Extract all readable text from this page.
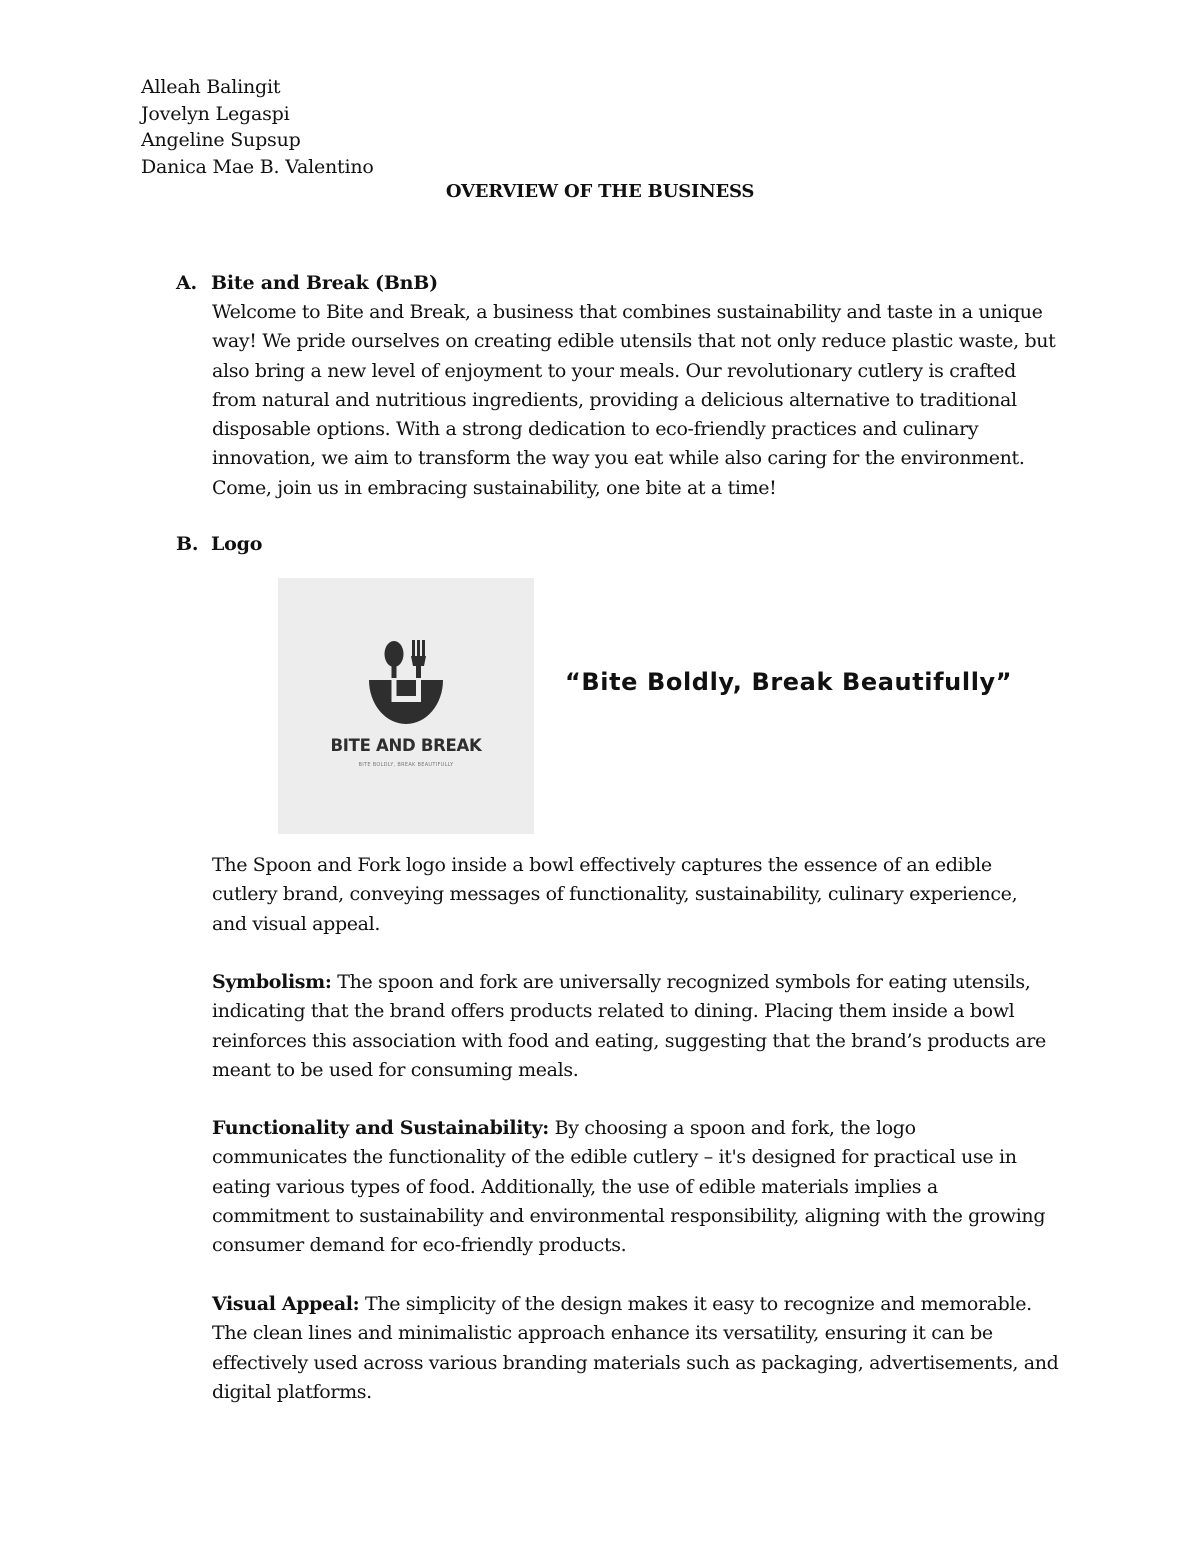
Alleah Balingit
Jovelyn Legaspi
Angeline Supsup
Danica Mae B. Valentino
OVERVIEW OF THE BUSINESS
A. Bite and Break (BnB)
Welcome to Bite and Break, a business that combines sustainability and taste in a unique
way! We pride ourselves on creating edible utensils that not only reduce plastic waste, but
also bring a new level of enjoyment to your meals. Our revolutionary cutlery is crafted
from natural and nutritious ingredients, providing a delicious alternative to traditional
disposable options. With a strong dedication to eco-friendly practices and culinary
innovation, we aim to transform the way you eat while also caring for the environment.
Come, join us in embracing sustainability, one bite at a time!
B. Logo
BITE BOLDLY, BREAK BEAUTIFULLY
BITE AND BREAK
“Bite Boldly, Break Beautifully”
The Spoon and Fork logo inside a bowl effectively captures the essence of an edible
cutlery brand, conveying messages of functionality, sustainability, culinary experience,
and visual appeal.
Symbolism: The spoon and fork are universally recognized symbols for eating utensils,
indicating that the brand offers products related to dining. Placing them inside a bowl
reinforces this association with food and eating, suggesting that the brand’s products are
meant to be used for consuming meals.
Functionality and Sustainability: By choosing a spoon and fork, the logo
communicates the functionality of the edible cutlery – it's designed for practical use in
eating various types of food. Additionally, the use of edible materials implies a
commitment to sustainability and environmental responsibility, aligning with the growing
consumer demand for eco-friendly products.
Visual Appeal: The simplicity of the design makes it easy to recognize and memorable.
The clean lines and minimalistic approach enhance its versatility, ensuring it can be
effectively used across various branding materials such as packaging, advertisements, and
digital platforms.
